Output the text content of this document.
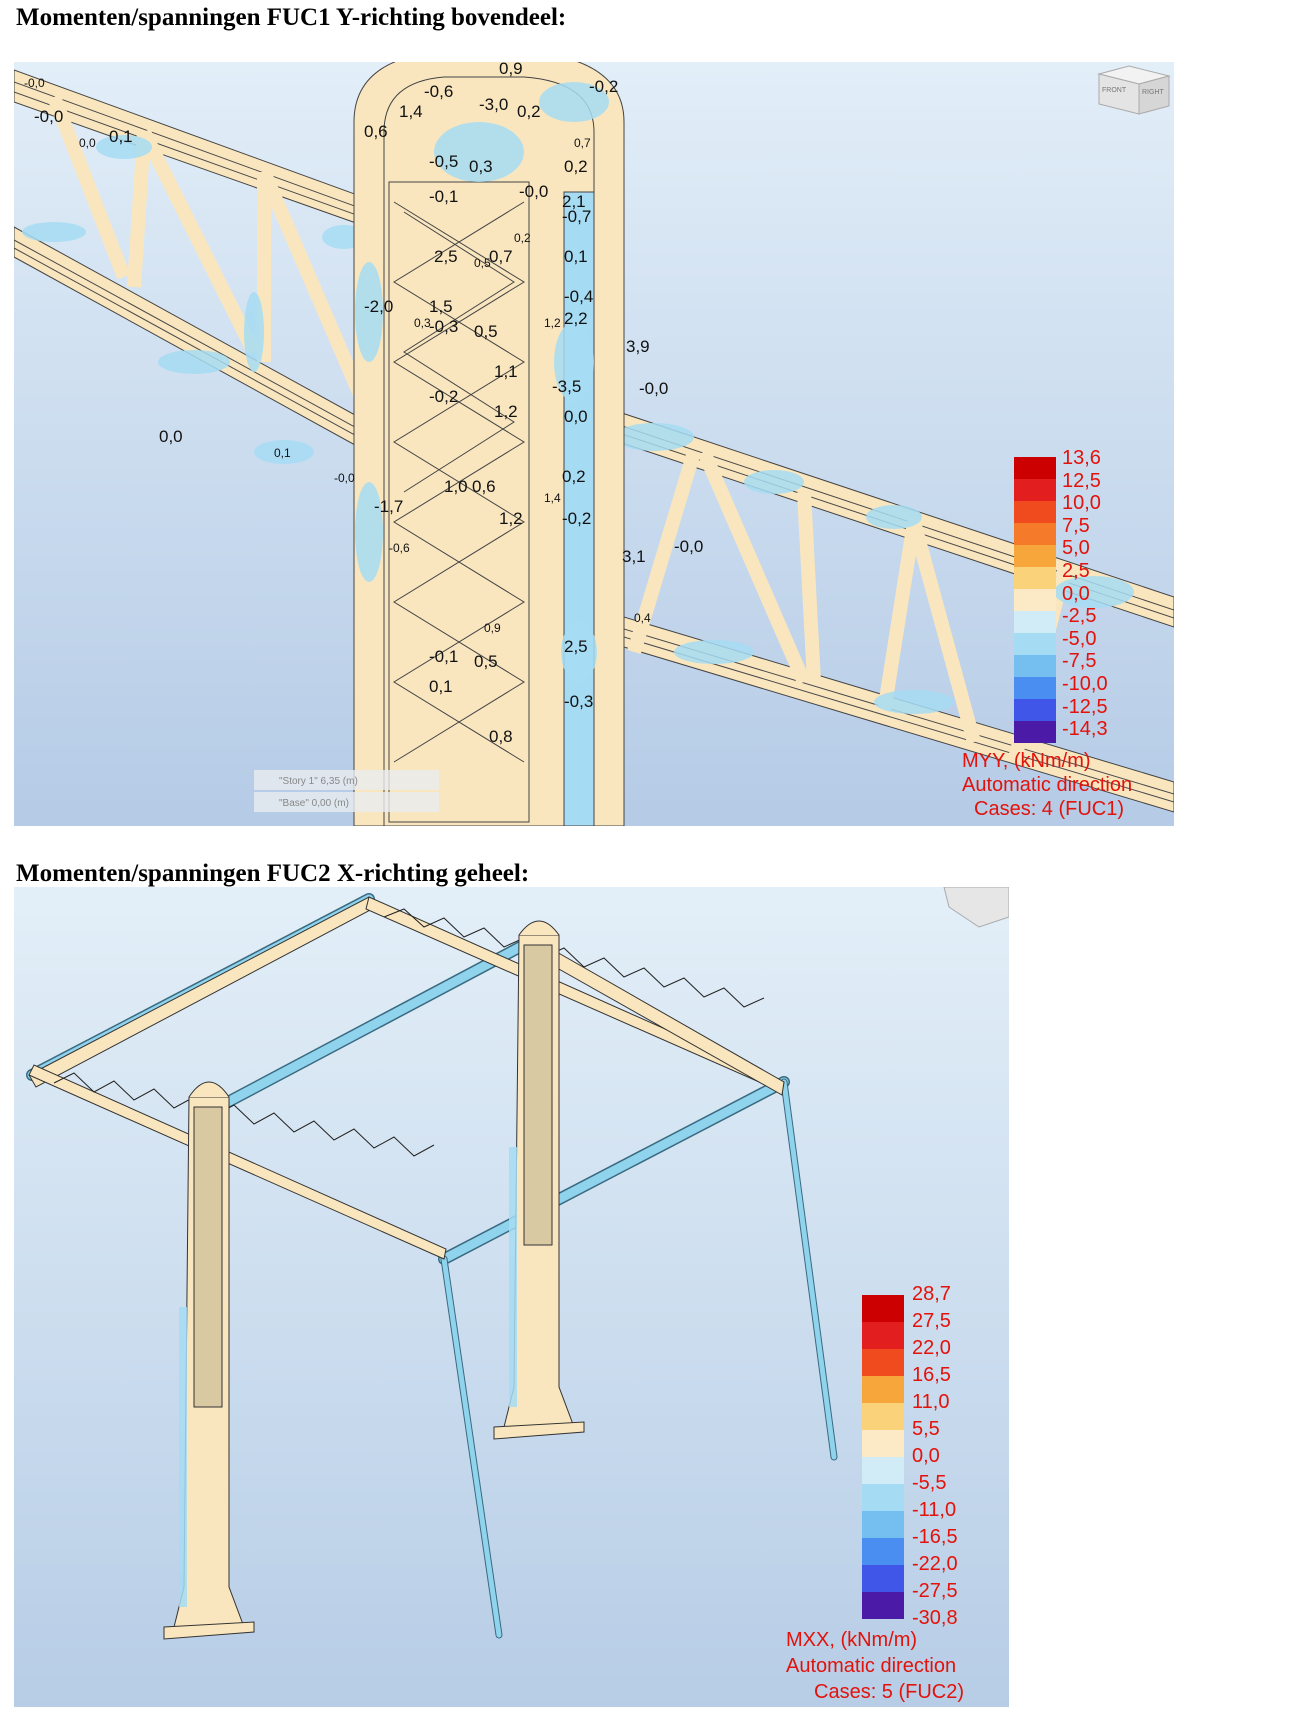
Momenten/spanningen FUC1 Y-richting bovendeel:
-0,0
0,1
-0,6
-3,0 0,2
-0,2
0,9
1,4
0,6
-0,5
-0,1
0,3
-0,0
2,1
-0,7
0,2
2,5 0,7	0,1
-2,0 1,5
-0,4
-0,3 0,5
2,2
3,9
-3,5	-0,0
0,0
1,1
-0,2
1,2
0,6
1,0
-1,7
1,2 -0,2
3,1
0,8
2,5
0,2
-0,1 0,5
-0,3
0,1
-0,0
0,0
-0,0
0,0
0,3
0,7
1,2
0,4
0,9
1,4
0,5
-0,6
0,2
0,1
-0,0
FRONT RIGHT
"Story 1" 6,35 (m)
"Base" 0,00 (m)
13,6
12,5
10,0
7,5
5,0
2,5
0,0
-2,5
-5,0
-7,5
-10,0
-12,5
-14,3
MYY, (kNm/m)
Automatic direction
Cases: 4 (FUC1)
Momenten/spanningen FUC2 X-richting geheel:
28,7
27,5
22,0
16,5
11,0
5,5
0,0
-5,5
-11,0
-16,5
-22,0
-27,5
-30,8
MXX, (kNm/m)
Automatic direction
Cases: 5 (FUC2)
